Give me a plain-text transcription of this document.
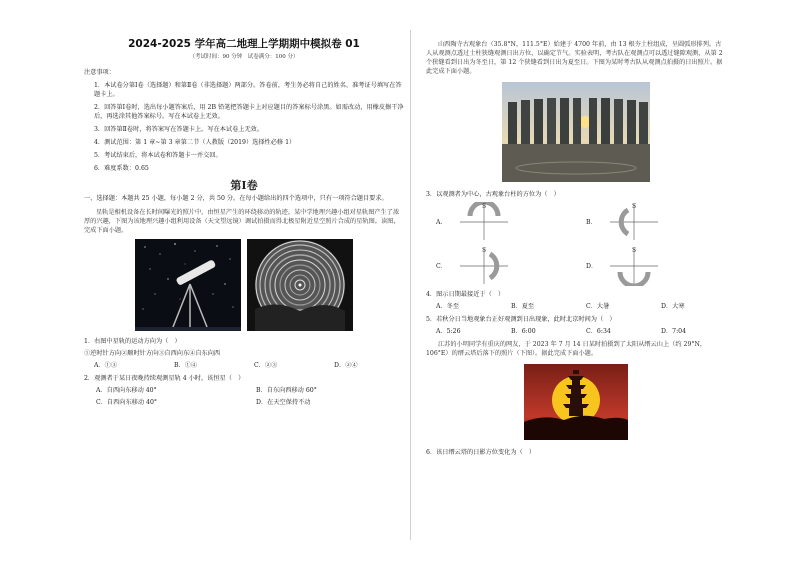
2024-2025 学年高二地理上学期期中模拟卷 01
（考试时间：90 分钟　试卷满分：100 分）
注意事项：

1．本试卷分第Ⅰ卷（选择题）和第Ⅱ卷（非选择题）两部分。答卷前，考生务必将自己的姓名、准考证号填写在答题卡上。

2．回答第Ⅰ卷时，选出每小题答案后，用 2B 铅笔把答题卡上对应题目的答案标号涂黑。如需改动，用橡皮擦干净后，再选涂其他答案标号。写在本试卷上无效。

3．回答第Ⅱ卷时，将答案写在答题卡上。写在本试卷上无效。

4．测试范围：第 1 章~第 3 章第二节（人教版（2019）选择性必修 1）

5．考试结束后，将本试卷和答题卡一并交回。

6．难度系数：0.65

第Ⅰ卷
一、选择题：本题共 25 小题，每小题 2 分，共 50 分。在每小题给出的四个选项中，只有一项符合题目要求。
星轨是相机设备在长时间曝光的照片中，由恒星产生的环绕移动的轨迹。某中学地理兴趣小组对星轨图产生了浓厚的兴趣，下图为该地理兴趣小组利用设备（天文望远镜）调试拍摄而得北极星附近星空照片合成的星轨图。读图，完成下面小题。
1．右图中星轨的运动方向为（　）
①逆时针方向②顺时针方向③自西向东④自东向西
A．①③	B．①④	C．②③	D．②④
2．观测者于某日夜晚持续观测星轨 4 小时，该恒星（　）
A．自西向东移动 40°	B．自东向西移动 60°
C．自西向东移动 40°	D．在天空保持不动
山西陶寺古观象台（35.8°N，111.5°E）始建于 4700 年前，由 13 根夯土柱组成，呈圆弧形排列。古人从观测点透过土柱狭缝观测日出方位，以确定节气。实验表明，考古队在观测点可以透过缝隙观测，从第 2 个狭缝看到日出为冬至日，第 12 个狭缝看到日出为夏至日。下图为某时考古队从观测点拍摄的日出照片。据此完成下面小题。
3．以观测者为中心，古观象台柱的方位为（　）
A．
S
B．
S
C．
S
D．
S
4．图示日期最接近于（　）
A．冬至	B．夏至	C．大暑	D．大寒
5．若秋分日当地观象台正好观测到日出现象，此时北京时间为（　）
A．5:26	B．6:00	C．6:34	D．7:04
江苏的小明同学有重庆的网友，于 2023 年 7 月 14 日某时拍摄到了太阳从缙云山上（约 29°N，106°E）的缙云塔后落下的照片（下图）。据此完成下面小题。
6．该日缙云塔的日影方位变化为（　）
